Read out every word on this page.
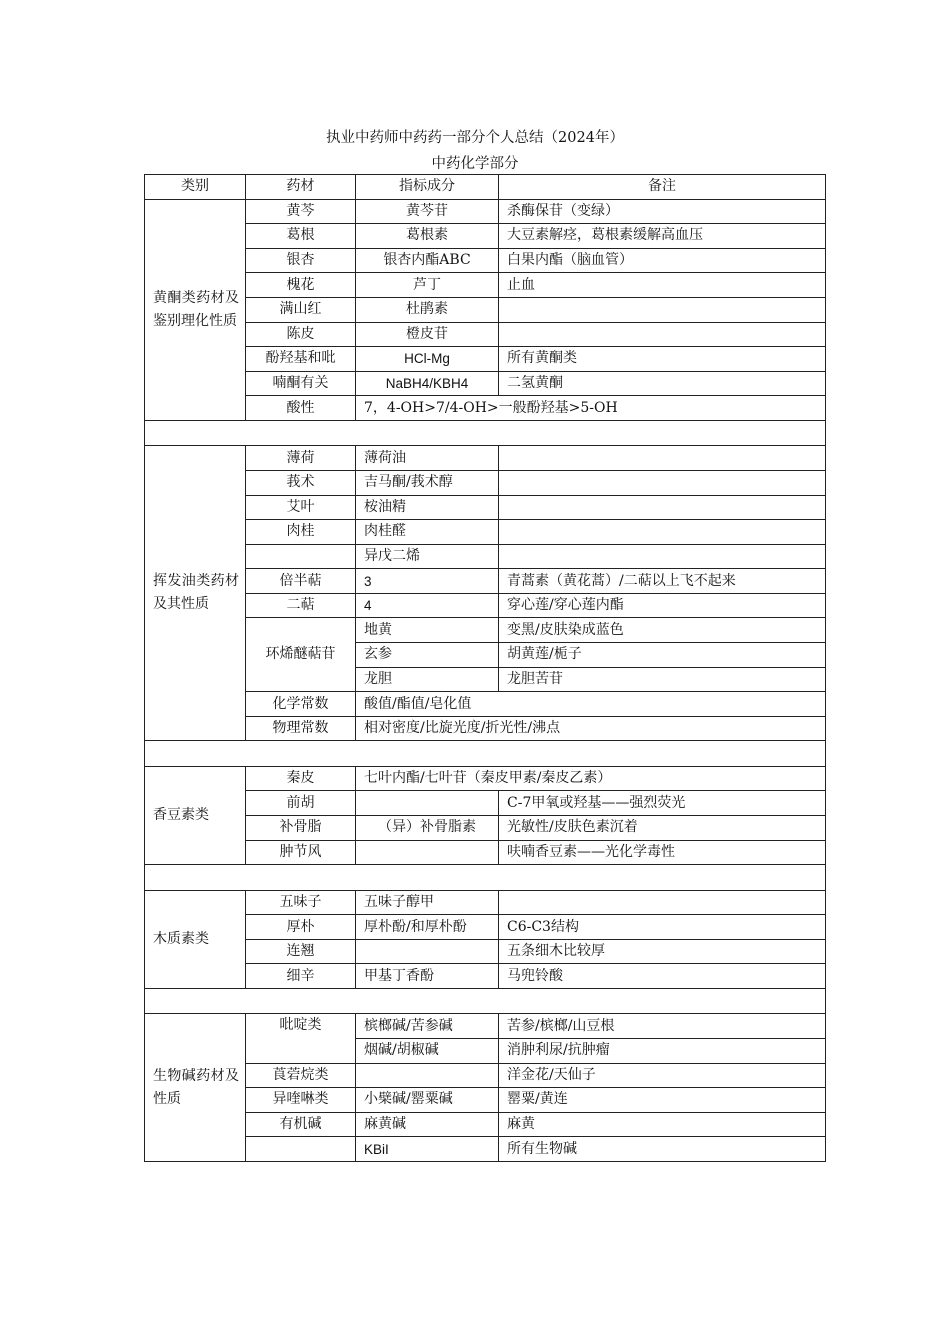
执业中药师中药药一部分个人总结（2024年）
中药化学部分
类别	药材	指标成分	备注
黄酮类药材及鉴别理化性质	黄芩	黄芩苷	杀酶保苷（变绿）
	葛根	葛根素	大豆素解痉，葛根素缓解高血压
	银杏	银杏内酯ABC	白果内酯（脑血管）
	槐花	芦丁	止血
	满山红	杜鹃素	
	陈皮	橙皮苷	
	酚羟基和吡	HCl-Mg	所有黄酮类
	喃酮有关	NaBH4/KBH4	二氢黄酮
	酸性	7，4-OH>7/4-OH>一般酚羟基>5-OH	

挥发油类药材及其性质	薄荷	薄荷油	
	莪术	吉马酮/莪术醇	
	艾叶	桉油精	
	肉桂	肉桂醛	
		异戊二烯	
	倍半萜	3	青蒿素（黄花蒿）/二萜以上飞不起来
	二萜	4	穿心莲/穿心莲内酯
	环烯醚萜苷	地黄	变黑/皮肤染成蓝色
		玄参	胡黄莲/栀子
		龙胆	龙胆苦苷
	化学常数	酸值/酯值/皂化值	
	物理常数	相对密度/比旋光度/折光性/沸点	

香豆素类	秦皮	七叶内酯/七叶苷（秦皮甲素/秦皮乙素）	
	前胡		C-7甲氧或羟基——强烈荧光
	补骨脂	（异）补骨脂素	光敏性/皮肤色素沉着
	肿节风		呋喃香豆素——光化学毒性

木质素类	五味子	五味子醇甲	
	厚朴	厚朴酚/和厚朴酚	C6-C3结构
	连翘		五条细木比较厚
	细辛	甲基丁香酚	马兜铃酸

生物碱药材及性质	吡啶类	槟榔碱/苦参碱	苦参/槟榔/山豆根
		烟碱/胡椒碱	消肿利尿/抗肿瘤
	莨菪烷类		洋金花/天仙子
	异喹啉类	小檗碱/罂粟碱	罂粟/黄连
	有机碱	麻黄碱	麻黄
		KBiI	所有生物碱
